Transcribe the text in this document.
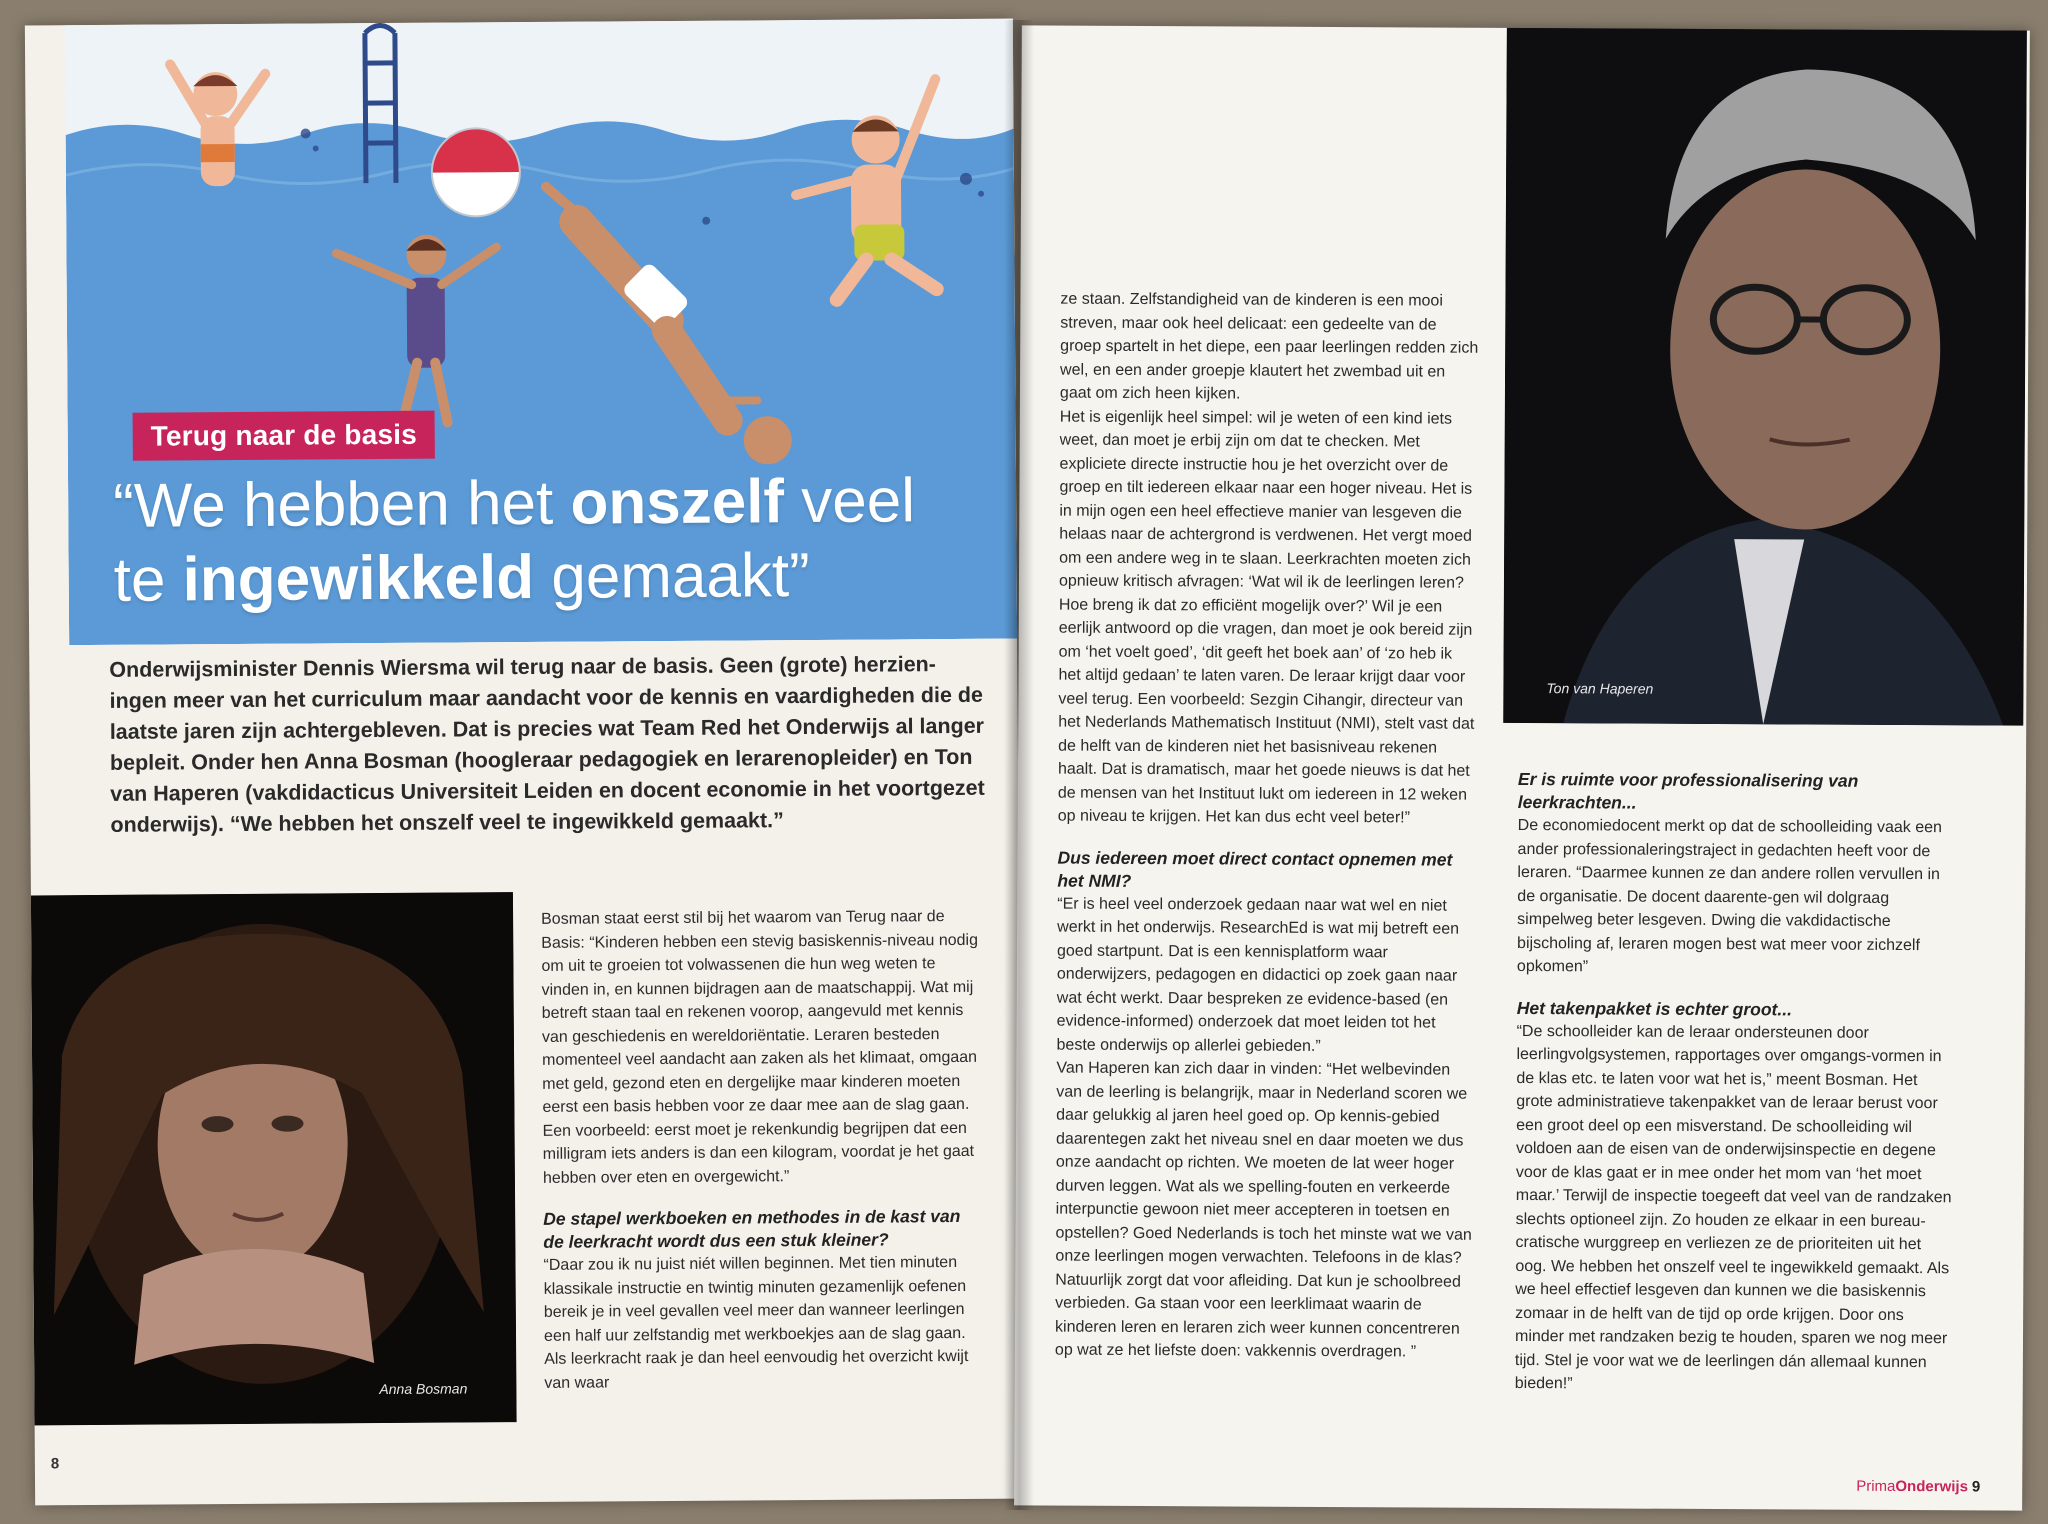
Terug naar de basis
“We hebben het onszelf veel
te ingewikkeld gemaakt”

Onderwijsminister Dennis Wiersma wil terug naar de basis. Geen (grote) herzien-ingen meer van het curriculum maar aandacht voor de kennis en vaardigheden die de laatste jaren zijn achtergebleven. Dat is precies wat Team Red het Onderwijs al langer bepleit. Onder hen Anna Bosman (hoogleraar pedagogiek en lerarenopleider) en Ton van Haperen (vakdidacticus Universiteit Leiden en docent economie in het voortgezet onderwijs). “We hebben het onszelf veel te ingewikkeld gemaakt.”

Anna Bosman

Bosman staat eerst stil bij het waarom van Terug naar de Basis: “Kinderen hebben een stevig basiskennis-niveau nodig om uit te groeien tot volwassenen die hun weg weten te vinden in, en kunnen bijdragen aan de maatschappij. Wat mij betreft staan taal en rekenen voorop, aangevuld met kennis van geschiedenis en wereldoriëntatie. Leraren besteden momenteel veel aandacht aan zaken als het klimaat, omgaan met geld, gezond eten en dergelijke maar kinderen moeten eerst een basis hebben voor ze daar mee aan de slag gaan. Een voorbeeld: eerst moet je rekenkundig begrijpen dat een milligram iets anders is dan een kilogram, voordat je het gaat hebben over eten en overgewicht.”

De stapel werkboeken en methodes in de kast van de leerkracht wordt dus een stuk kleiner?

“Daar zou ik nu juist niét willen beginnen. Met tien minuten klassikale instructie en twintig minuten gezamenlijk oefenen bereik je in veel gevallen veel meer dan wanneer leerlingen een half uur zelfstandig met werkboekjes aan de slag gaan. Als leerkracht raak je dan heel eenvoudig het overzicht kwijt van waar

8
Ton van Haperen

ze staan. Zelfstandigheid van de kinderen is een mooi streven, maar ook heel delicaat: een gedeelte van de groep spartelt in het diepe, een paar leerlingen redden zich wel, en een ander groepje klautert het zwembad uit en gaat om zich heen kijken.

Het is eigenlijk heel simpel: wil je weten of een kind iets weet, dan moet je erbij zijn om dat te checken. Met expliciete directe instructie hou je het overzicht over de groep en tilt iedereen elkaar naar een hoger niveau. Het is in mijn ogen een heel effectieve manier van lesgeven die helaas naar de achtergrond is verdwenen. Het vergt moed om een andere weg in te slaan. Leerkrachten moeten zich opnieuw kritisch afvragen: ‘Wat wil ik de leerlingen leren? Hoe breng ik dat zo efficiënt mogelijk over?’ Wil je een eerlijk antwoord op die vragen, dan moet je ook bereid zijn om ‘het voelt goed’, ‘dit geeft het boek aan’ of ‘zo heb ik het altijd gedaan’ te laten varen. De leraar krijgt daar voor veel terug. Een voorbeeld: Sezgin Cihangir, directeur van het Nederlands Mathematisch Instituut (NMI), stelt vast dat de helft van de kinderen niet het basisniveau rekenen haalt. Dat is dramatisch, maar het goede nieuws is dat het de mensen van het Instituut lukt om iedereen in 12 weken op niveau te krijgen. Het kan dus echt veel beter!”

Dus iedereen moet direct contact opnemen met het NMI?

“Er is heel veel onderzoek gedaan naar wat wel en niet werkt in het onderwijs. ResearchEd is wat mij betreft een goed startpunt. Dat is een kennisplatform waar onderwijzers, pedagogen en didactici op zoek gaan naar wat écht werkt. Daar bespreken ze evidence-based (en evidence-informed) onderzoek dat moet leiden tot het beste onderwijs op allerlei gebieden.”

Van Haperen kan zich daar in vinden: “Het welbevinden van de leerling is belangrijk, maar in Nederland scoren we daar gelukkig al jaren heel goed op. Op kennis-gebied daarentegen zakt het niveau snel en daar moeten we dus onze aandacht op richten. We moeten de lat weer hoger durven leggen. Wat als we spelling-fouten en verkeerde interpunctie gewoon niet meer accepteren in toetsen en opstellen? Goed Nederlands is toch het minste wat we van onze leerlingen mogen verwachten. Telefoons in de klas? Natuurlijk zorgt dat voor afleiding. Dat kun je schoolbreed verbieden. Ga staan voor een leerklimaat waarin de kinderen leren en leraren zich weer kunnen concentreren op wat ze het liefste doen: vakkennis overdragen. ”

Er is ruimte voor professionalisering van leerkrachten...

De economiedocent merkt op dat de schoolleiding vaak een ander professionaleringstraject in gedachten heeft voor de leraren. “Daarmee kunnen ze dan andere rollen vervullen in de organisatie. De docent daarente-gen wil dolgraag simpelweg beter lesgeven. Dwing die vakdidactische bijscholing af, leraren mogen best wat meer voor zichzelf opkomen”

Het takenpakket is echter groot...

“De schoolleider kan de leraar ondersteunen door leerlingvolgsystemen, rapportages over omgangs-vormen in de klas etc. te laten voor wat het is,” meent Bosman. Het grote administratieve takenpakket van de leraar berust voor een groot deel op een misverstand. De schoolleiding wil voldoen aan de eisen van de onderwijsinspectie en degene voor de klas gaat er in mee onder het mom van ‘het moet maar.’ Terwijl de inspectie toegeeft dat veel van de randzaken slechts optioneel zijn. Zo houden ze elkaar in een bureau-cratische wurggreep en verliezen ze de prioriteiten uit het oog. We hebben het onszelf veel te ingewikkeld gemaakt. Als we heel effectief lesgeven dan kunnen we die basiskennis zomaar in de helft van de tijd op orde krijgen. Door ons minder met randzaken bezig te houden, sparen we nog meer tijd. Stel je voor wat we de leerlingen dán allemaal kunnen bieden!”

PrimaOnderwijs 9
